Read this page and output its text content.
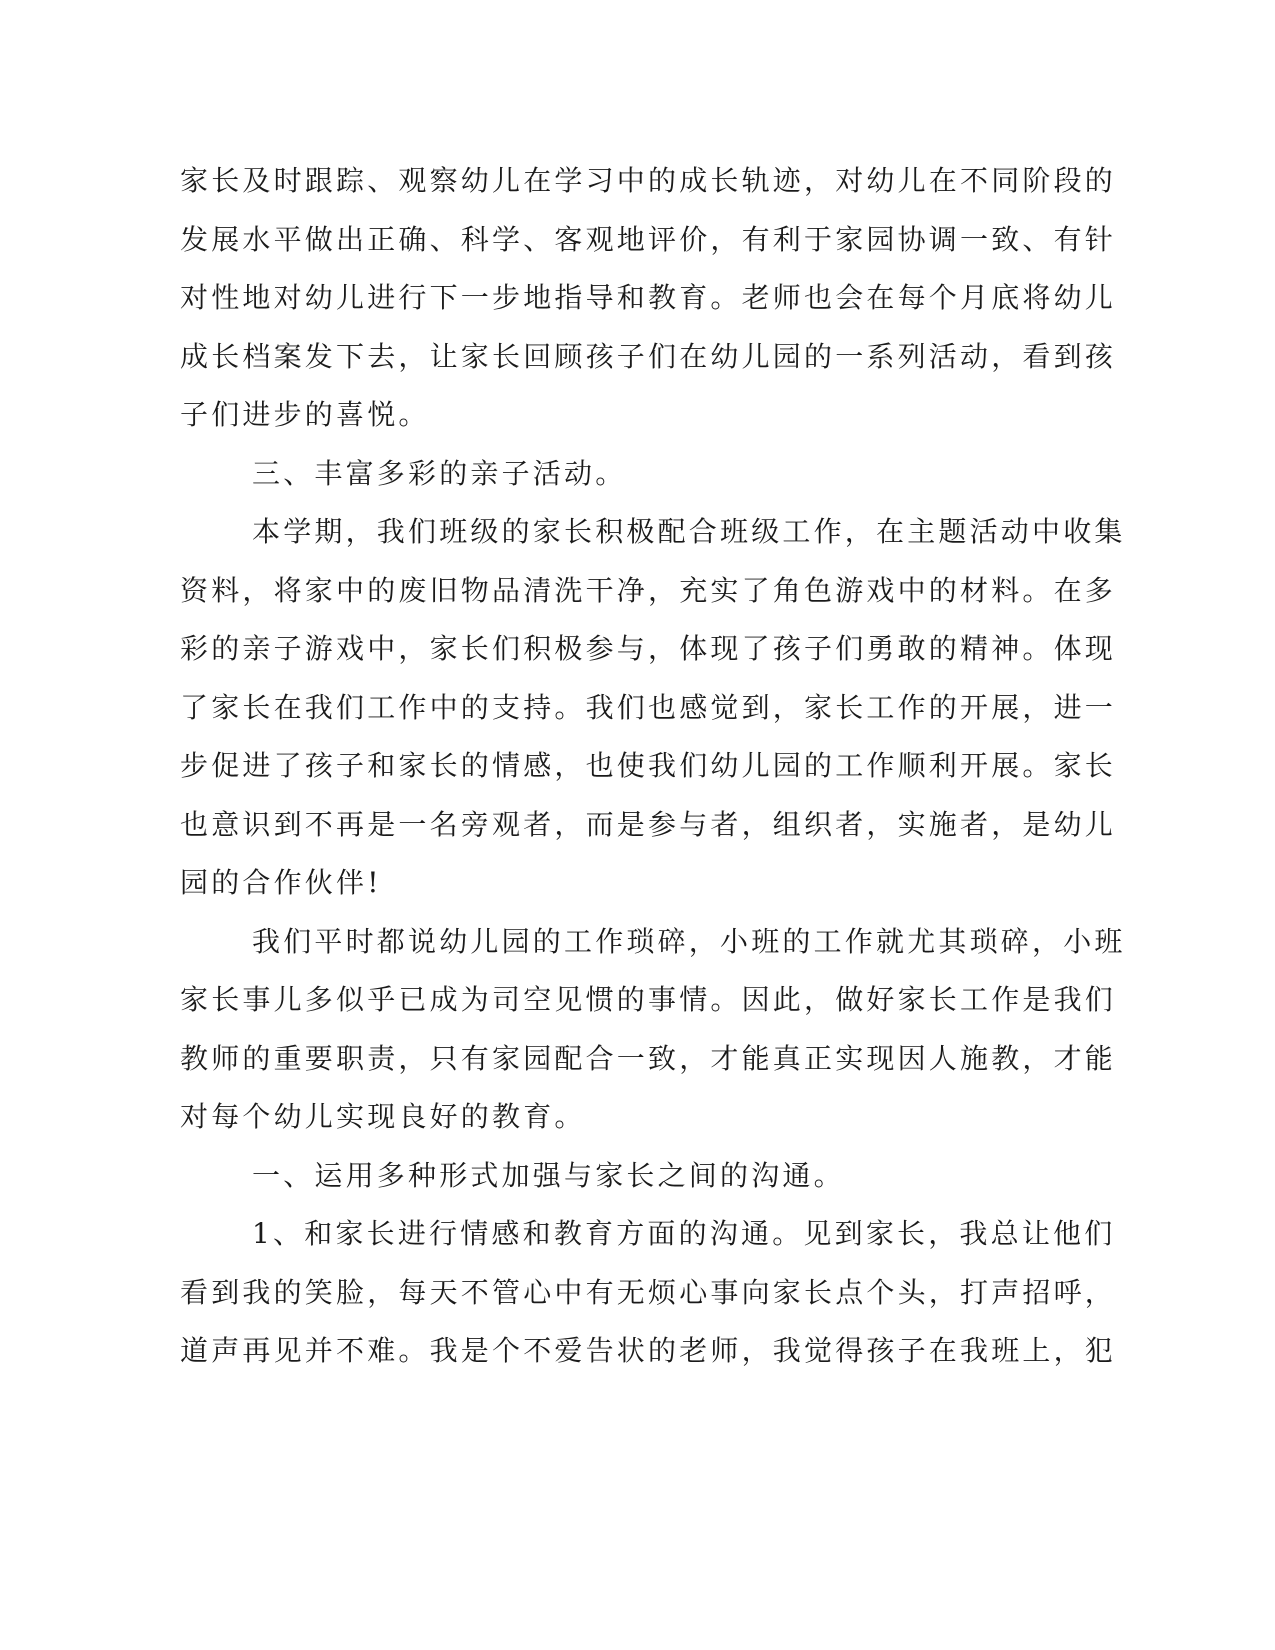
家长及时跟踪、观察幼儿在学习中的成长轨迹，对幼儿在不同阶段的
发展水平做出正确、科学、客观地评价，有利于家园协调一致、有针
对性地对幼儿进行下一步地指导和教育。老师也会在每个月底将幼儿
成长档案发下去，让家长回顾孩子们在幼儿园的一系列活动，看到孩
子们进步的喜悦。
三、丰富多彩的亲子活动。
本学期，我们班级的家长积极配合班级工作，在主题活动中收集
资料，将家中的废旧物品清洗干净，充实了角色游戏中的材料。在多
彩的亲子游戏中，家长们积极参与，体现了孩子们勇敢的精神。体现
了家长在我们工作中的支持。我们也感觉到，家长工作的开展，进一
步促进了孩子和家长的情感，也使我们幼儿园的工作顺利开展。家长
也意识到不再是一名旁观者，而是参与者，组织者，实施者，是幼儿
园的合作伙伴!
我们平时都说幼儿园的工作琐碎，小班的工作就尤其琐碎，小班
家长事儿多似乎已成为司空见惯的事情。因此，做好家长工作是我们
教师的重要职责，只有家园配合一致，才能真正实现因人施教，才能
对每个幼儿实现良好的教育。
一、运用多种形式加强与家长之间的沟通。
1、和家长进行情感和教育方面的沟通。见到家长，我总让他们
看到我的笑脸，每天不管心中有无烦心事向家长点个头，打声招呼，
道声再见并不难。我是个不爱告状的老师，我觉得孩子在我班上，犯
